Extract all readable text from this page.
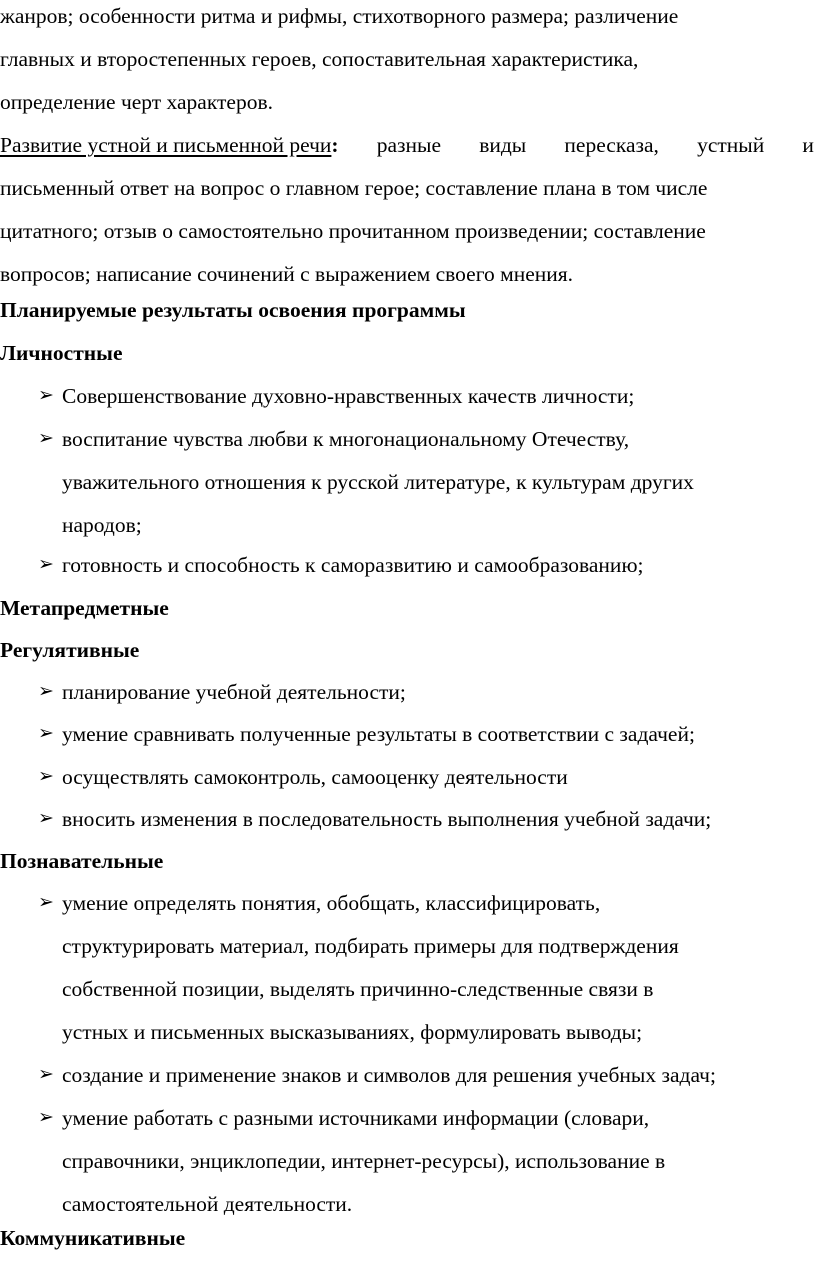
жанров; особенности ритма и рифмы, стихотворного размера; различение
главных и второстепенных героев, сопоставительная характеристика,
определение черт характеров.
Развитие устной и письменной речи: разные виды пересказа, устный и
письменный ответ на вопрос о главном герое; составление плана в том числе
цитатного; отзыв о самостоятельно прочитанном произведении; составление
вопросов; написание сочинений с выражением своего мнения.
Планируемые результаты освоения программы
Личностные
➢ Совершенствование духовно-нравственных качеств личности;
➢ воспитание чувства любви к многонациональному Отечеству,
уважительного отношения к русской литературе, к культурам других
народов;
➢ готовность и способность к саморазвитию и самообразованию;
Метапредметные
Регулятивные
➢ планирование учебной деятельности;
➢ умение сравнивать полученные результаты в соответствии с задачей;
➢ осуществлять самоконтроль, самооценку деятельности
➢ вносить изменения в последовательность выполнения учебной задачи;
Познавательные
➢ умение определять понятия, обобщать, классифицировать,
структурировать материал, подбирать примеры для подтверждения
собственной позиции, выделять причинно-следственные связи в
устных и письменных высказываниях, формулировать выводы;
➢ создание и применение знаков и символов для решения учебных задач;
➢ умение работать с разными источниками информации (словари,
справочники, энциклопедии, интернет-ресурсы), использование в
самостоятельной деятельности.
Коммуникативные
